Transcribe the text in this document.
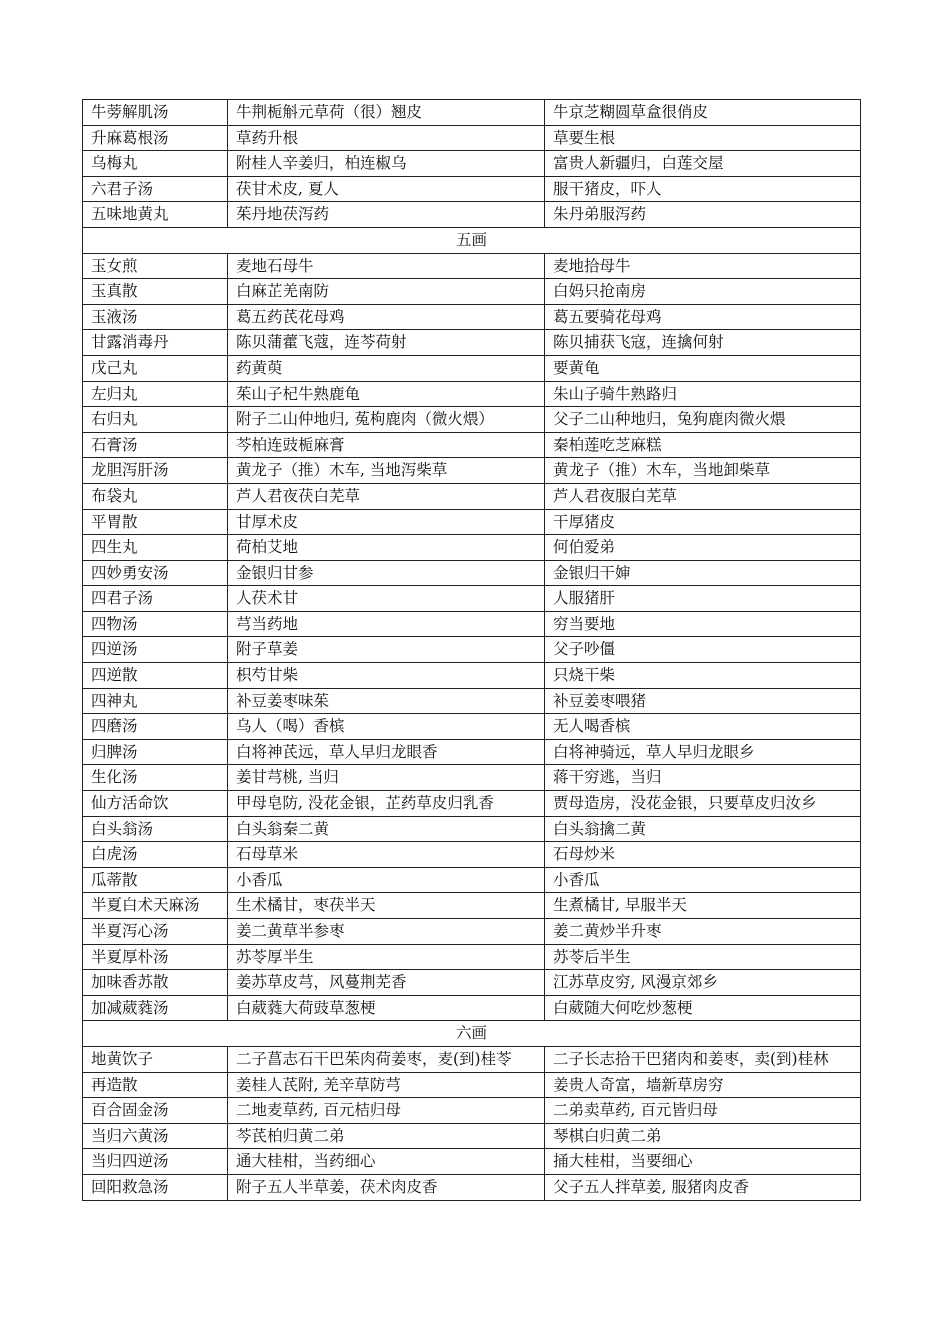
牛蒡解肌汤	牛荆栀斛元草荷（很）翘皮	牛京芝糊圆草盒很俏皮
升麻葛根汤	草药升根	草要生根
乌梅丸	附桂人辛姜归，柏连椒乌	富贵人新疆归，白莲交屋
六君子汤	茯甘术皮, 夏人	服干猪皮，吓人
五味地黄丸	茱丹地茯泻药	朱丹弟服泻药
五画		
玉女煎	麦地石母牛	麦地拾母牛
玉真散	白麻芷羌南防	白妈只抢南房
玉液汤	葛五药芪花母鸡	葛五要骑花母鸡
甘露消毒丹	陈贝蒲藿飞蔻，连芩荷射	陈贝捕获飞寇，连擒何射
戊己丸	药黄萸	要黄龟
左归丸	茱山子杞牛熟鹿龟	朱山子骑牛熟路归
右归丸	附子二山仲地归, 菟枸鹿肉（微火煨）	父子二山种地归，兔狗鹿肉微火煨
石膏汤	芩柏连豉栀麻膏	秦柏莲吃芝麻糕
龙胆泻肝汤	黄龙子（推）木车, 当地泻柴草	黄龙子（推）木车，当地卸柴草
布袋丸	芦人君夜茯白芜草	芦人君夜服白芜草
平胃散	甘厚术皮	干厚猪皮
四生丸	荷柏艾地	何伯爱弟
四妙勇安汤	金银归甘参	金银归干婶
四君子汤	人茯术甘	人服猪肝
四物汤	芎当药地	穷当要地
四逆汤	附子草姜	父子吵僵
四逆散	枳芍甘柴	只烧干柴
四神丸	补豆姜枣味茱	补豆姜枣喂猪
四磨汤	乌人（喝）香槟	无人喝香槟
归脾汤	白将神芪远，草人早归龙眼香	白将神骑远，草人早归龙眼乡
生化汤	姜甘芎桃, 当归	蒋干穷逃，当归
仙方活命饮	甲母皂防, 没花金银，芷药草皮归乳香	贾母造房，没花金银，只要草皮归汝乡
白头翁汤	白头翁秦二黄	白头翁擒二黄
白虎汤	石母草米	石母炒米
瓜蒂散	小香瓜	小香瓜
半夏白术天麻汤	生术橘甘，枣茯半天	生煮橘甘, 早服半天
半夏泻心汤	姜二黄草半参枣	姜二黄炒半升枣
半夏厚朴汤	苏苓厚半生	苏苓后半生
加味香苏散	姜苏草皮芎，风蔓荆芜香	江苏草皮穷, 风漫京郊乡
加减葳蕤汤	白葳蕤大荷豉草葱梗	白葳随大何吃炒葱梗
六画		
地黄饮子	二子菖志石干巴茱肉荷姜枣，麦(到)桂苓	二子长志拾干巴猪肉和姜枣，卖(到)桂林
再造散	姜桂人芪附, 羌辛草防芎	姜贵人奇富，墙新草房穷
百合固金汤	二地麦草药, 百元桔归母	二弟卖草药, 百元皆归母
当归六黄汤	芩芪柏归黄二弟	琴棋白归黄二弟
当归四逆汤	通大桂柑，当药细心	捅大桂柑，当要细心
回阳救急汤	附子五人半草姜，茯术肉皮香	父子五人拌草姜, 服猪肉皮香
